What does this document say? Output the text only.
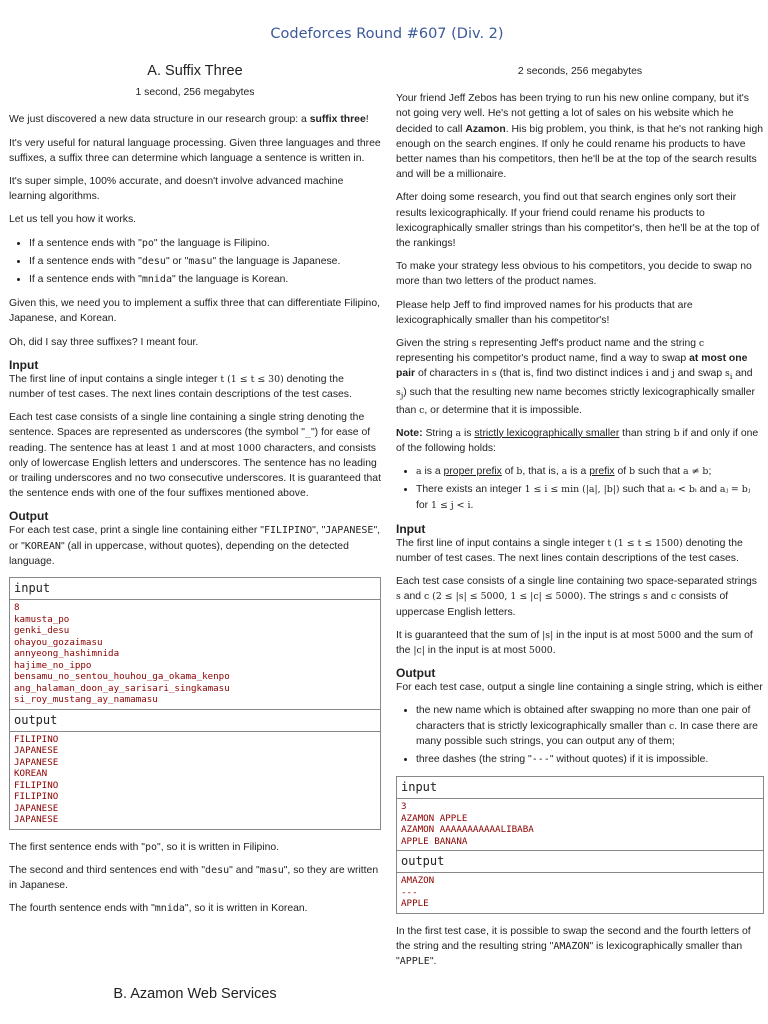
Codeforces Round #607 (Div. 2)
A. Suffix Three
1 second, 256 megabytes

We just discovered a new data structure in our research group: a suffix three!

It's very useful for natural language processing. Given three languages and three suffixes, a suffix three can determine which language a sentence is written in.

It's super simple, 100% accurate, and doesn't involve advanced machine learning algorithms.

Let us tell you how it works.

• If a sentence ends with "po" the language is Filipino.
• If a sentence ends with "desu" or "masu" the language is Japanese.
• If a sentence ends with "mnida" the language is Korean.

Given this, we need you to implement a suffix three that can differentiate Filipino, Japanese, and Korean.

Oh, did I say three suffixes? I meant four.

Input

The first line of input contains a single integer t (1 ≤ t ≤ 30) denoting the number of test cases. The next lines contain descriptions of the test cases.

Each test case consists of a single line containing a single string denoting the sentence. Spaces are represented as underscores (the symbol "_") for ease of reading. The sentence has at least 1 and at most 1000 characters, and consists only of lowercase English letters and underscores. The sentence has no leading or trailing underscores and no two consecutive underscores. It is guaranteed that the sentence ends with one of the four suffixes mentioned above.

Output

For each test case, print a single line containing either "FILIPINO", "JAPANESE", or "KOREAN" (all in uppercase, without quotes), depending on the detected language.

input
8
kamusta_po
genki_desu
ohayou_gozaimasu
annyeong_hashimnida
hajime_no_ippo
bensamu_no_sentou_houhou_ga_okama_kenpo
ang_halaman_doon_ay_sarisari_singkamasu
si_roy_mustang_ay_namamasu
output
FILIPINO
JAPANESE
JAPANESE
KOREAN
FILIPINO
FILIPINO
JAPANESE
JAPANESE

The first sentence ends with "po", so it is written in Filipino.

The second and third sentences end with "desu" and "masu", so they are written in Japanese.

The fourth sentence ends with "mnida", so it is written in Korean.

B. Azamon Web Services
2 seconds, 256 megabytes

Your friend Jeff Zebos has been trying to run his new online company, but it's not going very well. He's not getting a lot of sales on his website which he decided to call Azamon. His big problem, you think, is that he's not ranking high enough on the search engines. If only he could rename his products to have better names than his competitors, then he'll be at the top of the search results and will be a millionaire.

After doing some research, you find out that search engines only sort their results lexicographically. If your friend could rename his products to lexicographically smaller strings than his competitor's, then he'll be at the top of the rankings!

To make your strategy less obvious to his competitors, you decide to swap no more than two letters of the product names.

Please help Jeff to find improved names for his products that are lexicographically smaller than his competitor's!

Given the string s representing Jeff's product name and the string c representing his competitor's product name, find a way to swap at most one pair of characters in s (that is, find two distinct indices i and j and swap $s_i$ and $s_j$) such that the resulting new name becomes strictly lexicographically smaller than c, or determine that it is impossible.

Note: String a is strictly lexicographically smaller than string b if and only if one of the following holds:

• a is a proper prefix of b, that is, a is a prefix of b such that a ≠ b;
• There exists an integer 1 ≤ i ≤ min (|a|, |b|) such that aᵢ < bᵢ and aⱼ = bⱼ for 1 ≤ j < i.
Input

The first line of input contains a single integer t (1 ≤ t ≤ 1500) denoting the number of test cases. The next lines contain descriptions of the test cases.

Each test case consists of a single line containing two space-separated strings s and c (2 ≤ |s| ≤ 5000, 1 ≤ |c| ≤ 5000). The strings s and c consists of uppercase English letters.

It is guaranteed that the sum of |s| in the input is at most 5000 and the sum of the |c| in the input is at most 5000.

Output

For each test case, output a single line containing a single string, which is either

• the new name which is obtained after swapping no more than one pair of characters that is strictly lexicographically smaller than c. In case there are many possible such strings, you can output any of them;
• three dashes (the string "---" without quotes) if it is impossible.
input
3
AZAMON APPLE
AZAMON AAAAAAAAAAALIBABA
APPLE BANANA
output
AMAZON
---
APPLE

In the first test case, it is possible to swap the second and the fourth letters of the string and the resulting string "AMAZON" is lexicographically smaller than "APPLE".
